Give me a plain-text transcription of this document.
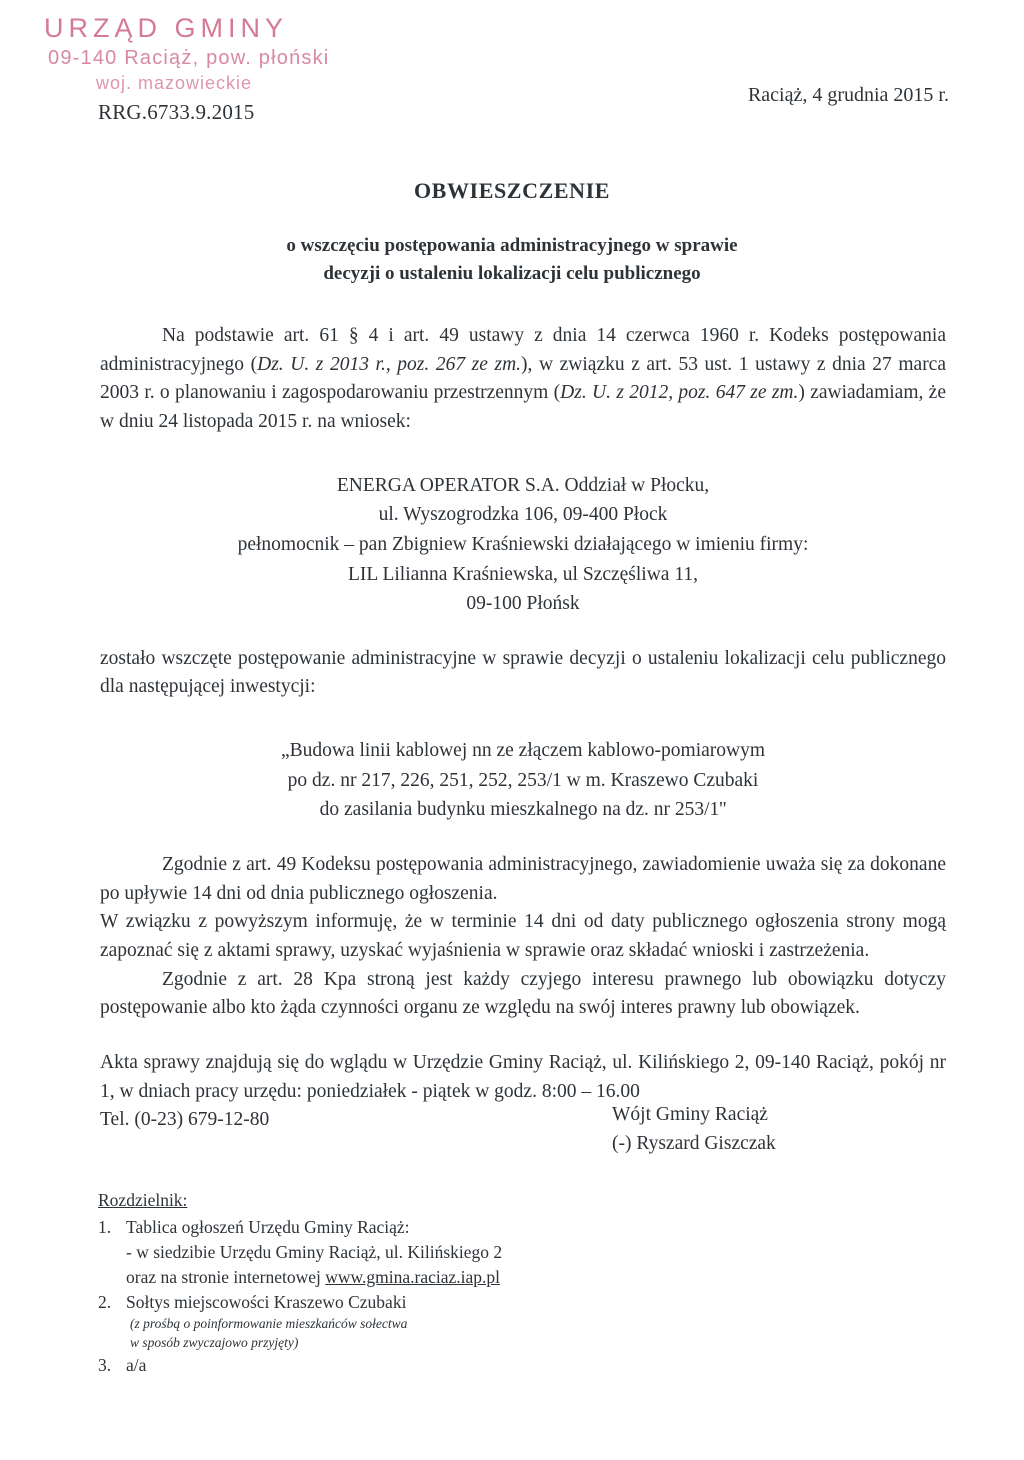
URZĄD GMINY
09-140 Raciąż, pow. płoński
woj. mazowieckie
RRG.6733.9.2015
Raciąż, 4 grudnia 2015 r.
OBWIESZCZENIE
o wszczęciu postępowania administracyjnego w sprawie
decyzji o ustaleniu lokalizacji celu publicznego

Na podstawie art. 61 § 4 i art. 49 ustawy z dnia 14 czerwca 1960 r. Kodeks postępowania administracyjnego (Dz. U. z 2013 r., poz. 267 ze zm.), w związku z art. 53 ust. 1 ustawy z dnia 27 marca 2003 r. o planowaniu i zagospodarowaniu przestrzennym (Dz. U. z 2012, poz. 647 ze zm.) zawiadamiam, że w dniu 24 listopada 2015 r. na wniosek:

ENERGA OPERATOR S.A. Oddział w Płocku,
ul. Wyszogrodzka 106, 09-400 Płock
pełnomocnik – pan Zbigniew Kraśniewski działającego w imieniu firmy:
LIL Lilianna Kraśniewska, ul Szczęśliwa 11,
09-100 Płońsk

zostało wszczęte postępowanie administracyjne w sprawie decyzji o ustaleniu lokalizacji celu publicznego dla następującej inwestycji:

„Budowa linii kablowej nn ze złączem kablowo-pomiarowym
po dz. nr 217, 226, 251, 252, 253/1 w m. Kraszewo Czubaki
do zasilania budynku mieszkalnego na dz. nr 253/1''

Zgodnie z art. 49 Kodeksu postępowania administracyjnego, zawiadomienie uważa się za dokonane po upływie 14 dni od dnia publicznego ogłoszenia.

W związku z powyższym informuję, że w terminie 14 dni od daty publicznego ogłoszenia strony mogą zapoznać się z aktami sprawy, uzyskać wyjaśnienia w sprawie oraz składać wnioski i zastrzeżenia.

Zgodnie z art. 28 Kpa stroną jest każdy czyjego interesu prawnego lub obowiązku dotyczy postępowanie albo kto żąda czynności organu ze względu na swój interes prawny lub obowiązek.

Akta sprawy znajdują się do wglądu w Urzędzie Gminy Raciąż, ul. Kilińskiego 2, 09-140 Raciąż, pokój nr 1, w dniach pracy urzędu: poniedziałek - piątek w godz. 8:00 – 16.00

Tel. (0-23) 679-12-80	Wójt Gminy Raciąż
(-) Ryszard Giszczak
Rozdzielnik:
Tablica ogłoszeń Urzędu Gminy Raciąż:
- w siedzibie Urzędu Gminy Raciąż, ul. Kilińskiego 2
oraz na stronie internetowej www.gmina.raciaz.iap.pl
Sołtys miejscowości Kraszewo Czubaki
(z prośbą o poinformowanie mieszkańców sołectwa
w sposób zwyczajowo przyjęty)
a/a
